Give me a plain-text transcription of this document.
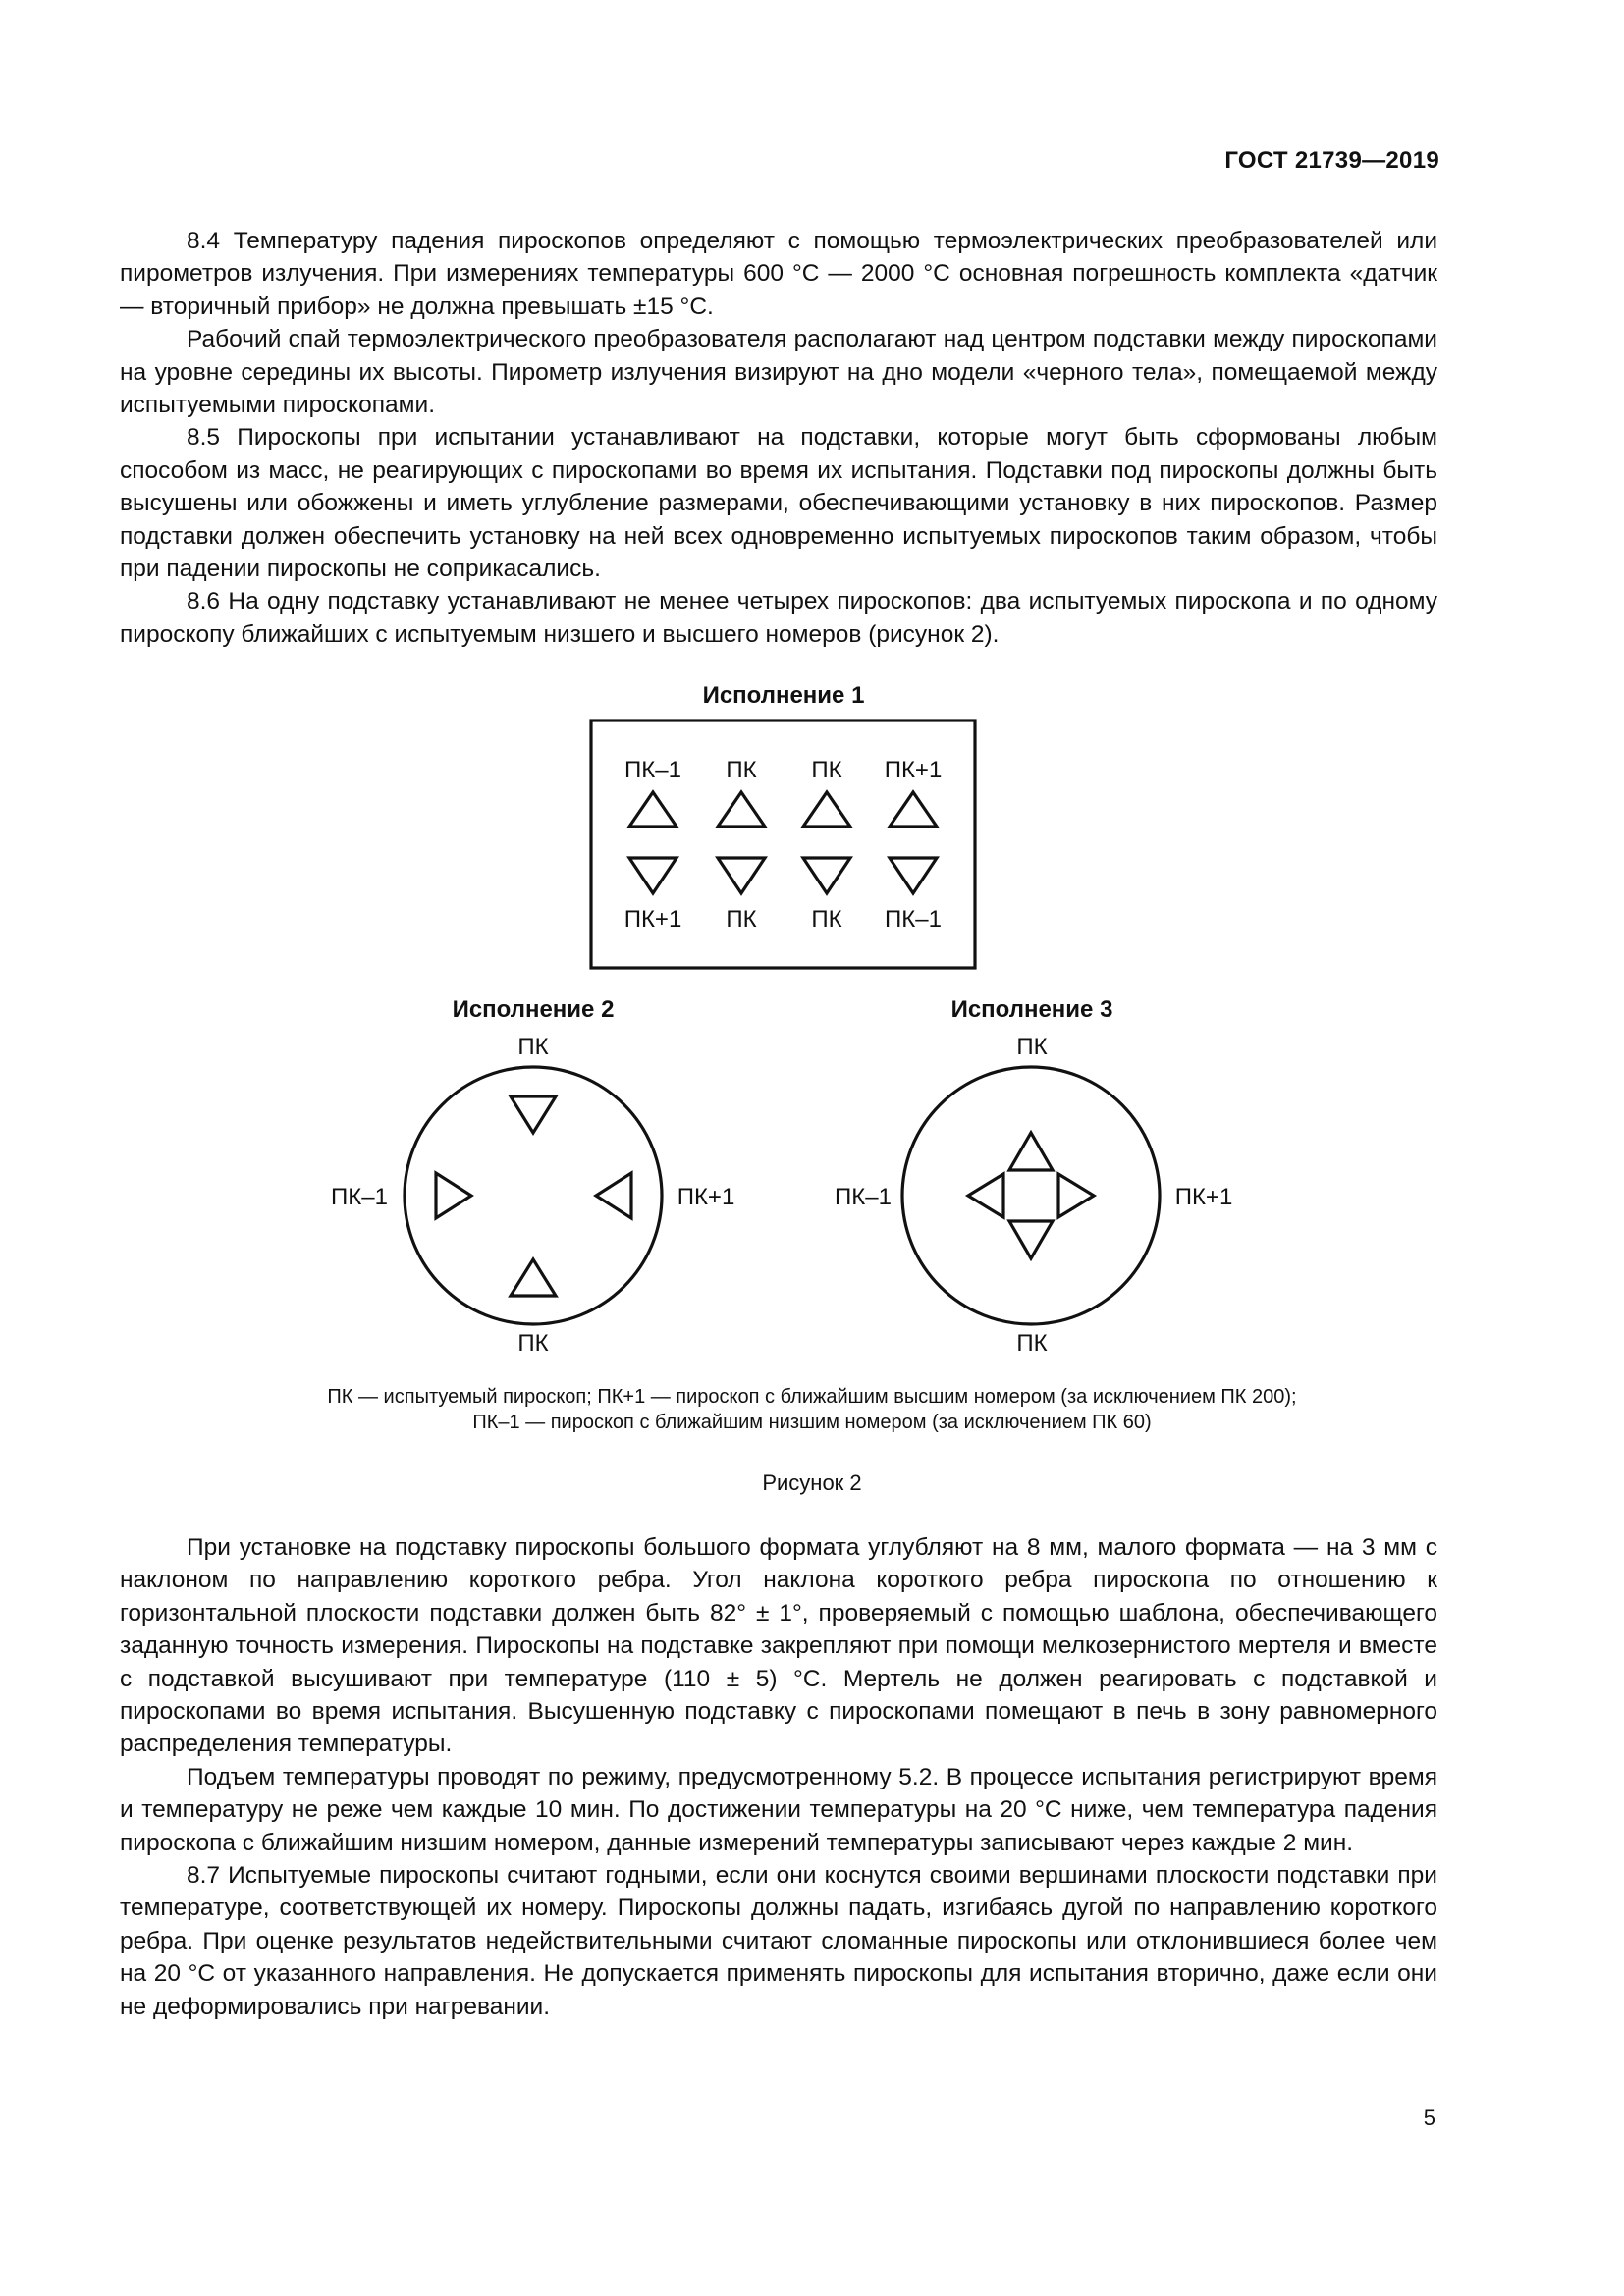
ГОСТ 21739—2019

8.4 Температуру падения пироскопов определяют с помощью термоэлектрических преобразователей или пирометров излучения. При измерениях температуры 600 °C — 2000 °C основная погрешность комплекта «датчик — вторичный прибор» не должна превышать ±15 °C.

Рабочий спай термоэлектрического преобразователя располагают над центром подставки между пироскопами на уровне середины их высоты. Пирометр излучения визируют на дно модели «черного тела», помещаемой между испытуемыми пироскопами.

8.5 Пироскопы при испытании устанавливают на подставки, которые могут быть сформованы любым способом из масс, не реагирующих с пироскопами во время их испытания. Подставки под пироскопы должны быть высушены или обожжены и иметь углубление размерами, обеспечивающими установку в них пироскопов. Размер подставки должен обеспечить установку на ней всех одновременно испытуемых пироскопов таким образом, чтобы при падении пироскопы не соприкасались.

8.6 На одну подставку устанавливают не менее четырех пироскопов: два испытуемых пироскопа и по одному пироскопу ближайших с испытуемым низшего и высшего номеров (рисунок 2).

Исполнение 1
ПК–1 ПК ПК ПК+1
ПК+1 ПК ПК ПК–1
Исполнение 2
ПК
ПК
ПК–1	ПК+1
Исполнение 3
ПК
ПК
ПК–1	ПК+1
ПК — испытуемый пироскоп; ПК+1 — пироскоп с ближайшим высшим номером (за исключением ПК 200);
ПК–1 — пироскоп с ближайшим низшим номером (за исключением ПК 60)
Рисунок 2

При установке на подставку пироскопы большого формата углубляют на 8 мм, малого формата — на 3 мм с наклоном по направлению короткого ребра. Угол наклона короткого ребра пироскопа по отношению к горизонтальной плоскости подставки должен быть 82° ± 1°, проверяемый с помощью шаблона, обеспечивающего заданную точность измерения. Пироскопы на подставке закрепляют при помощи мелкозернистого мертеля и вместе с подставкой высушивают при температуре (110 ± 5) °С. Мертель не должен реагировать с подставкой и пироскопами во время испытания. Высушенную подставку с пироскопами помещают в печь в зону равномерного распределения температуры.

Подъем температуры проводят по режиму, предусмотренному 5.2. В процессе испытания регистрируют время и температуру не реже чем каждые 10 мин. По достижении температуры на 20 °С ниже, чем температура падения пироскопа с ближайшим низшим номером, данные измерений температуры записывают через каждые 2 мин.

8.7 Испытуемые пироскопы считают годными, если они коснутся своими вершинами плоскости подставки при температуре, соответствующей их номеру. Пироскопы должны падать, изгибаясь дугой по направлению короткого ребра. При оценке результатов недействительными считают сломанные пироскопы или отклонившиеся более чем на 20 °С от указанного направления. Не допускается применять пироскопы для испытания вторично, даже если они не деформировались при нагревании.

5
